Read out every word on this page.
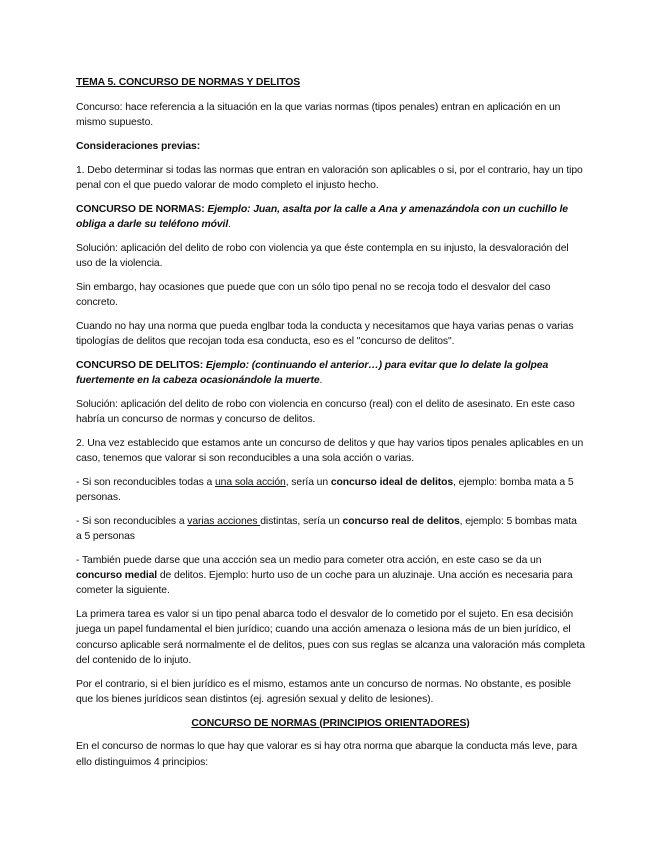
TEMA 5. CONCURSO DE NORMAS Y DELITOS

Concurso: hace referencia a la situación en la que varias normas (tipos penales) entran en aplicación en un mismo supuesto.

Consideraciones previas:

1. Debo determinar si todas las normas que entran en valoración son aplicables o si, por el contrario, hay un tipo penal con el que puedo valorar de modo completo el injusto hecho.

CONCURSO DE NORMAS: Ejemplo: Juan, asalta por la calle a Ana y amenazándola con un cuchillo le obliga a darle su teléfono móvil.

Solución: aplicación del delito de robo con violencia ya que éste contempla en su injusto, la desvaloración del uso de la violencia.

Sin embargo, hay ocasiones que puede que con un sólo tipo penal no se recoja todo el desvalor del caso concreto.

Cuando no hay una norma que pueda englbar toda la conducta y necesitamos que haya varias penas o varias tipologías de delitos que recojan toda esa conducta, eso es el "concurso de delitos".

CONCURSO DE DELITOS: Ejemplo: (continuando el anterior…) para evitar que lo delate la golpea fuertemente en la cabeza ocasionándole la muerte.

Solución: aplicación del delito de robo con violencia en concurso (real) con el delito de asesinato. En este caso habría un concurso de normas y concurso de delitos.

2. Una vez establecido que estamos ante un concurso de delitos y que hay varios tipos penales aplicables en un caso, tenemos que valorar si son reconducibles a una sola acción o varias.

- Si son reconducibles todas a una sola acción, sería un concurso ideal de delitos, ejemplo: bomba mata a 5 personas.

- Si son reconducibles a varias acciones distintas, sería un concurso real de delitos, ejemplo: 5 bombas mata a 5 personas

- También puede darse que una accción sea un medio para cometer otra acción, en este caso se da un concurso medial de delitos. Ejemplo: hurto uso de un coche para un aluzinaje. Una acción es necesaria para cometer la siguiente.

La primera tarea es valor si un tipo penal abarca todo el desvalor de lo cometido por el sujeto. En esa decisión juega un papel fundamental el bien jurídico; cuando una acción amenaza o lesiona más de un bien jurídico, el concurso aplicable será normalmente el de delitos, pues con sus reglas se alcanza una valoración más completa del contenido de lo injuto.

Por el contrario, si el bien jurídico es el mismo, estamos ante un concurso de normas. No obstante, es posible que los bienes jurídicos sean distintos (ej. agresión sexual y delito de lesiones).

CONCURSO DE NORMAS (PRINCIPIOS ORIENTADORES)

En el concurso de normas lo que hay que valorar es si hay otra norma que abarque la conducta más leve, para ello distinguimos 4 principios:
